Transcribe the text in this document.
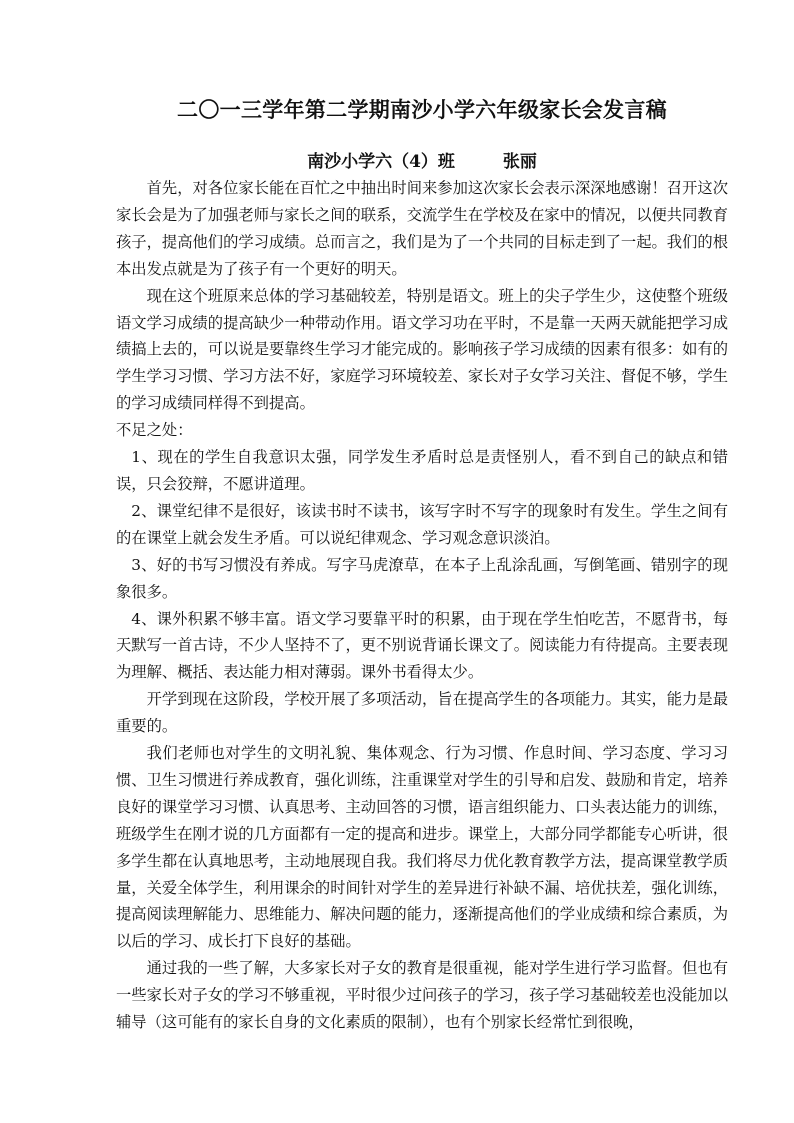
二〇一三学年第二学期南沙小学六年级家长会发言稿
南沙小学六（4）班	张丽

首先，对各位家长能在百忙之中抽出时间来参加这次家长会表示深深地感谢！召开这次家长会是为了加强老师与家长之间的联系，交流学生在学校及在家中的情况，以便共同教育孩子，提高他们的学习成绩。总而言之，我们是为了一个共同的目标走到了一起。我们的根本出发点就是为了孩子有一个更好的明天。

现在这个班原来总体的学习基础较差，特别是语文。班上的尖子学生少，这使整个班级语文学习成绩的提高缺少一种带动作用。语文学习功在平时，不是靠一天两天就能把学习成绩搞上去的，可以说是要靠终生学习才能完成的。影响孩子学习成绩的因素有很多：如有的学生学习习惯、学习方法不好，家庭学习环境较差、家长对子女学习关注、督促不够，学生的学习成绩同样得不到提高。

不足之处：

1、现在的学生自我意识太强，同学发生矛盾时总是责怪别人，看不到自己的缺点和错误，只会狡辩，不愿讲道理。

2、课堂纪律不是很好，该读书时不读书，该写字时不写字的现象时有发生。学生之间有的在课堂上就会发生矛盾。可以说纪律观念、学习观念意识淡泊。

3、好的书写习惯没有养成。写字马虎潦草，在本子上乱涂乱画，写倒笔画、错别字的现象很多。

4、课外积累不够丰富。语文学习要靠平时的积累，由于现在学生怕吃苦，不愿背书，每天默写一首古诗，不少人坚持不了，更不别说背诵长课文了。阅读能力有待提高。主要表现为理解、概括、表达能力相对薄弱。课外书看得太少。

开学到现在这阶段，学校开展了多项活动，旨在提高学生的各项能力。其实，能力是最重要的。

我们老师也对学生的文明礼貌、集体观念、行为习惯、作息时间、学习态度、学习习惯、卫生习惯进行养成教育，强化训练，注重课堂对学生的引导和启发、鼓励和肯定，培养良好的课堂学习习惯、认真思考、主动回答的习惯，语言组织能力、口头表达能力的训练，班级学生在刚才说的几方面都有一定的提高和进步。课堂上，大部分同学都能专心听讲，很多学生都在认真地思考，主动地展现自我。我们将尽力优化教育教学方法，提高课堂教学质量，关爱全体学生，利用课余的时间针对学生的差异进行补缺不漏、培优扶差，强化训练，提高阅读理解能力、思维能力、解决问题的能力，逐渐提高他们的学业成绩和综合素质，为以后的学习、成长打下良好的基础。

通过我的一些了解，大多家长对子女的教育是很重视，能对学生进行学习监督。但也有一些家长对子女的学习不够重视，平时很少过问孩子的学习，孩子学习基础较差也没能加以辅导（这可能有的家长自身的文化素质的限制），也有个别家长经常忙到很晚，
